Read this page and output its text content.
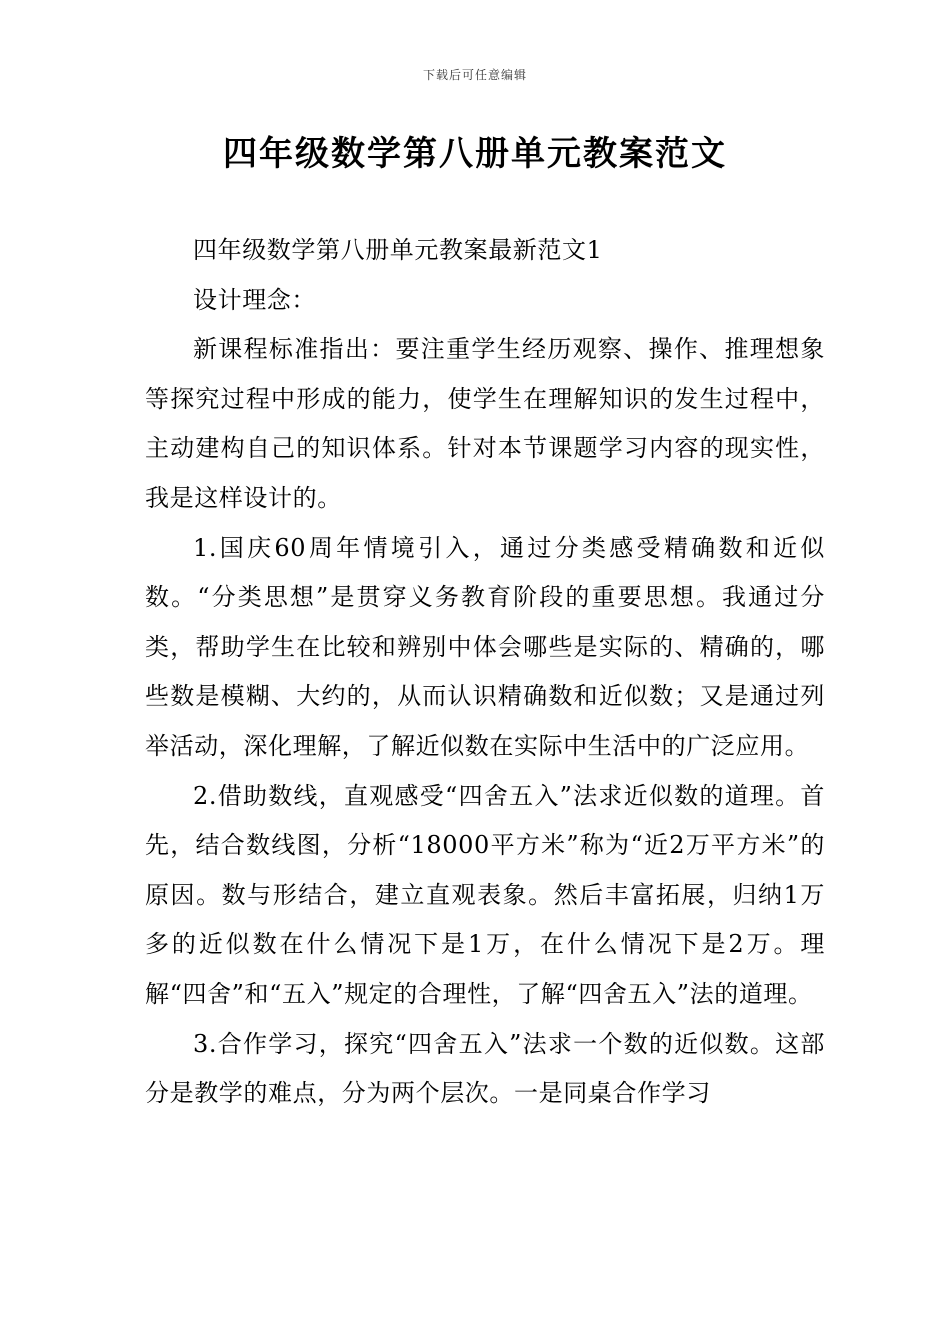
下载后可任意编辑
四年级数学第八册单元教案范文

四年级数学第八册单元教案最新范文1

设计理念：

新课程标准指出：要注重学生经历观察、操作、推理想象等探究过程中形成的能力，使学生在理解知识的发生过程中，主动建构自己的知识体系。针对本节课题学习内容的现实性，我是这样设计的。

1.国庆60周年情境引入，通过分类感受精确数和近似数。“分类思想”是贯穿义务教育阶段的重要思想。我通过分类，帮助学生在比较和辨别中体会哪些是实际的、精确的，哪些数是模糊、大约的，从而认识精确数和近似数；又是通过列举活动，深化理解，了解近似数在实际中生活中的广泛应用。

2.借助数线，直观感受“四舍五入”法求近似数的道理。首先，结合数线图，分析“18000平方米”称为“近2万平方米”的原因。数与形结合，建立直观表象。然后丰富拓展，归纳1万多的近似数在什么情况下是1万，在什么情况下是2万。理解“四舍”和“五入”规定的合理性，了解“四舍五入”法的道理。

3.合作学习，探究“四舍五入”法求一个数的近似数。这部分是教学的难点，分为两个层次。一是同桌合作学习
